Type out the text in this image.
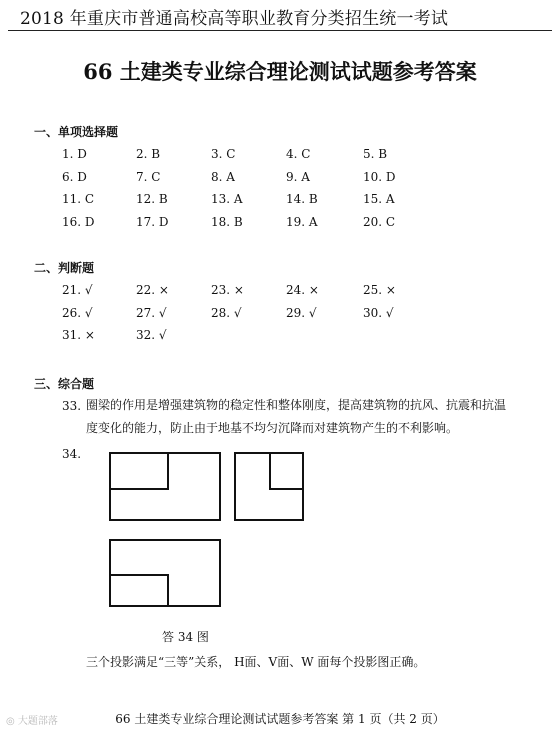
2018 年重庆市普通高校高等职业教育分类招生统一考试
66 土建类专业综合理论测试试题参考答案
一、单项选择题
1. D	2. B	3. C	4. C	5. B
6. D	7. C	8. A	9. A	10. D
11. C	12. B	13. A	14. B	15. A
16. D	17. D	18. B	19. A	20. C
二、判断题
21. √	22. ×	23. ×	24. ×	25. ×
26. √	27. √	28. √	29. √	30. √
31. ×	32. √
三、综合题
33. 圈梁的作用是增强建筑物的稳定性和整体刚度，提高建筑物的抗风、抗震和抗温度变化的能力，防止由于地基不均匀沉降而对建筑物产生的不利影响。
34.
答 34 图
三个投影满足“三等”关系， H面、V面、W 面每个投影图正确。
◎ 大题部落	66 土建类专业综合理论测试试题参考答案 第 1 页（共 2 页）
